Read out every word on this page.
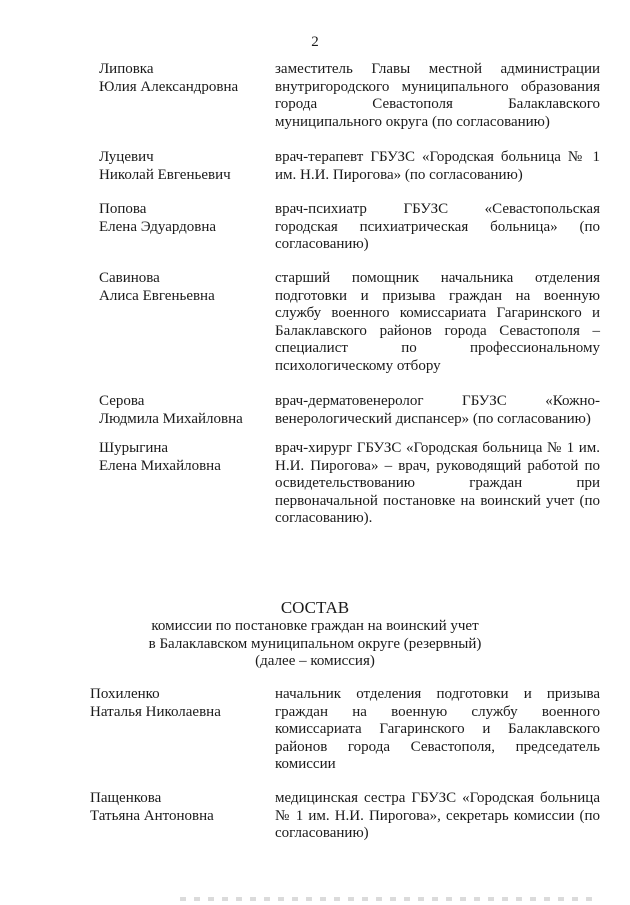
2
Липовка
Юлия Александровна
заместитель Главы местной администрации внутригородского муниципального образования города Севастополя Балаклавского муниципального округа (по согласованию)
Луцевич
Николай Евгеньевич
врач-терапевт ГБУЗС «Городская больница № 1 им. Н.И. Пирогова» (по согласованию)
Попова
Елена Эдуардовна
врач-психиатр ГБУЗС «Севастопольская городская психиатрическая больница» (по согласованию)
Савинова
Алиса Евгеньевна
старший помощник начальника отделения подготовки и призыва граждан на военную службу военного комиссариата Гагаринского и Балаклавского районов города Севастополя – специалист по профессиональному психологическому отбору
Серова
Людмила Михайловна
врач-дерматовенеролог ГБУЗС «Кожно-венерологический диспансер» (по согласованию)
Шурыгина
Елена Михайловна
врач-хирург ГБУЗС «Городская больница № 1 им. Н.И. Пирогова» – врач, руководящий работой по освидетельствованию граждан при первоначальной постановке на воинский учет (по согласованию).
СОСТАВ
комиссии по постановке граждан на воинский учет
в Балаклавском муниципальном округе (резервный)
(далее – комиссия)
Похиленко
Наталья Николаевна
начальник отделения подготовки и призыва граждан на военную службу военного комиссариата Гагаринского и Балаклавского районов города Севастополя, председатель комиссии
Пащенкова
Татьяна Антоновна
медицинская сестра ГБУЗС «Городская больница № 1 им. Н.И. Пирогова», секретарь комиссии (по согласованию)
